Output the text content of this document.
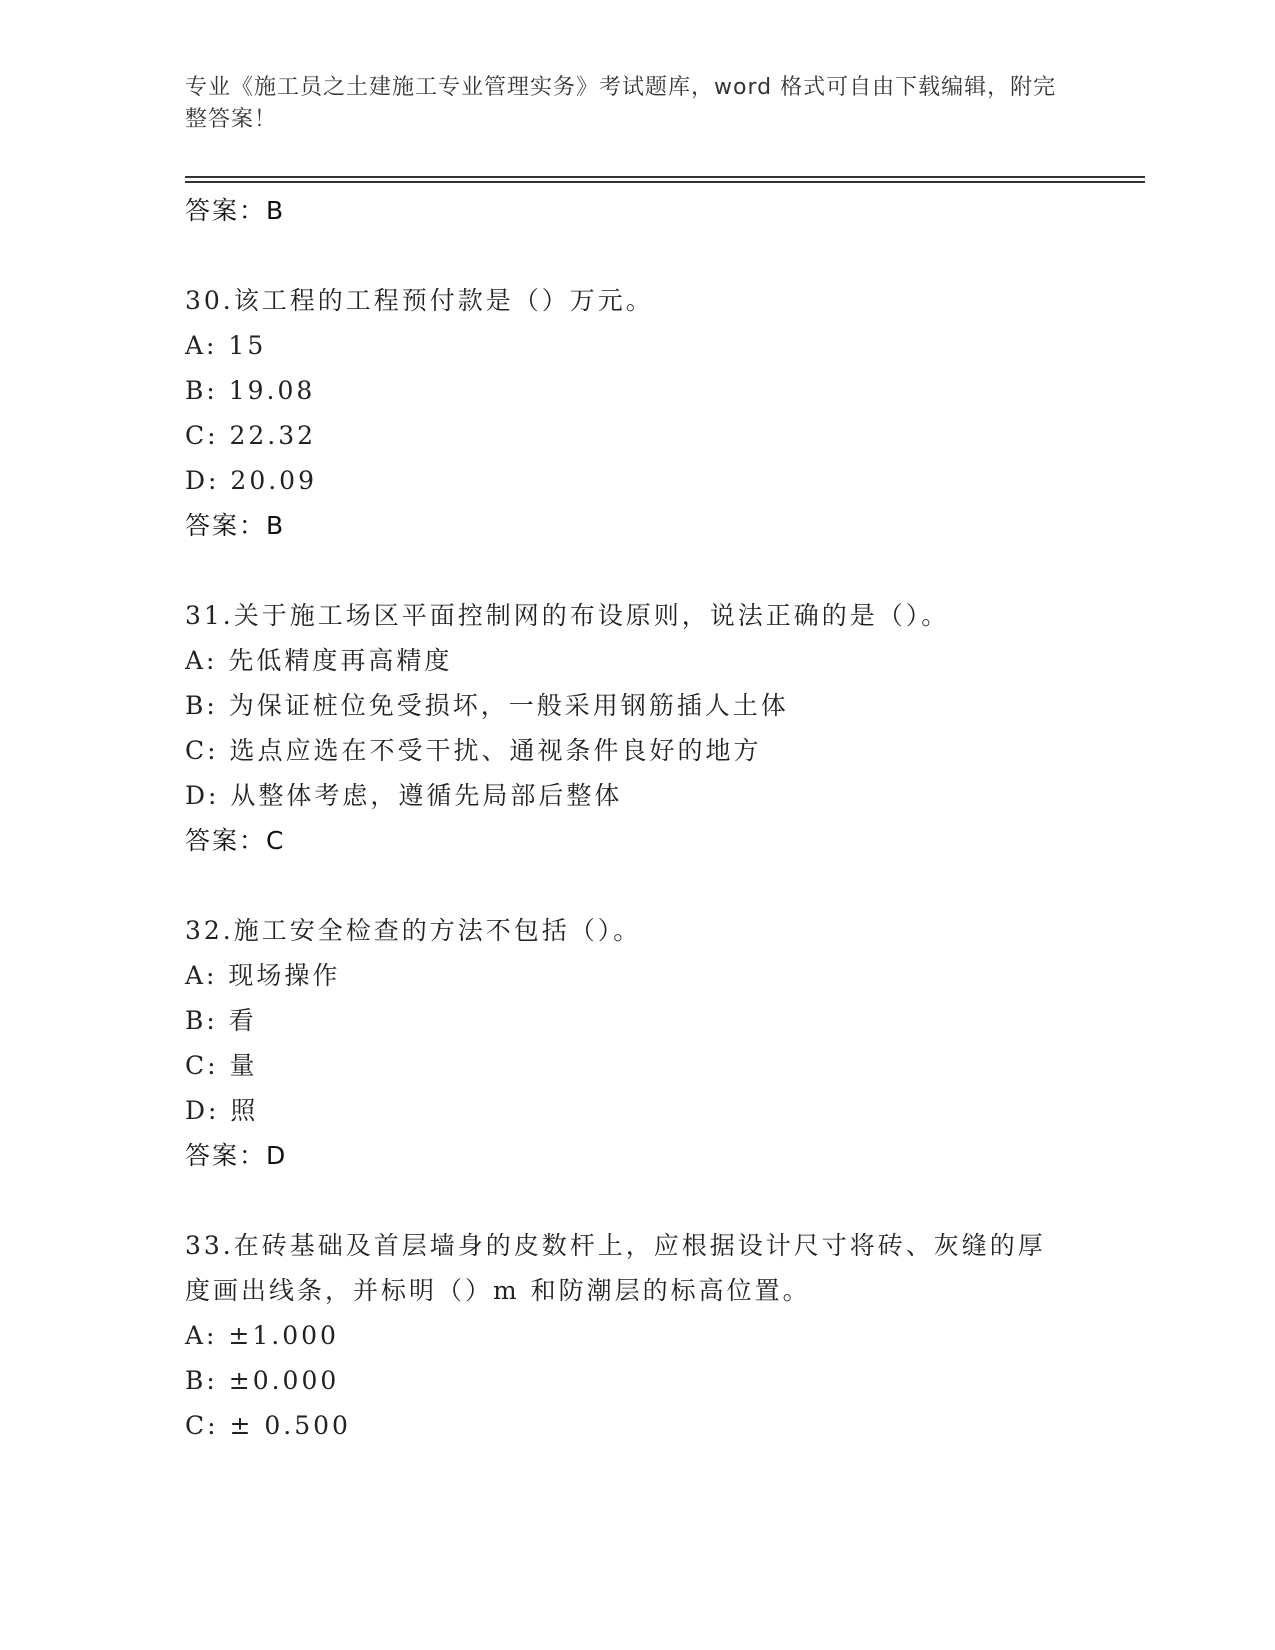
专业《施工员之土建施工专业管理实务》考试题库，word 格式可自由下载编辑，附完整答案！
答案：B
30.该工程的工程预付款是（）万元。
A: 15
B: 19.08
C: 22.32
D: 20.09
答案：B
31.关于施工场区平面控制网的布设原则，说法正确的是（）。
A: 先低精度再高精度
B: 为保证桩位免受损坏，一般采用钢筋插人土体
C: 选点应选在不受干扰、通视条件良好的地方
D: 从整体考虑，遵循先局部后整体
答案：C
32.施工安全检查的方法不包括（）。
A: 现场操作
B: 看
C: 量
D: 照
答案：D
33.在砖基础及首层墙身的皮数杆上，应根据设计尺寸将砖、灰缝的厚
度画出线条，并标明（）m 和防潮层的标高位置。
A: ±1.000
B: ±0.000
C: ± 0.500
